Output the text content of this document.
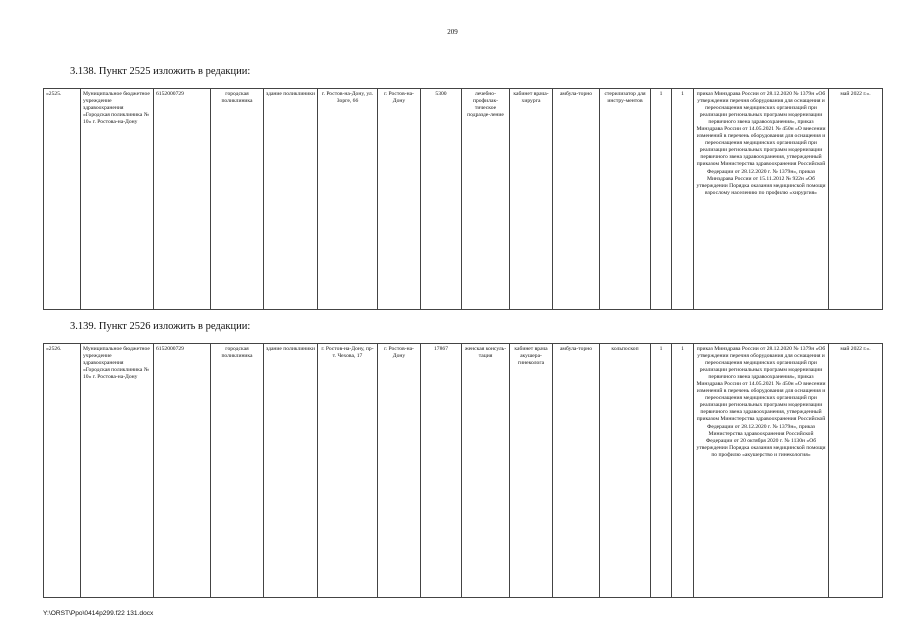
209
3.138. Пункт 2525 изложить в редакции:
«2525.	Муниципальное бюджетное учреждение здравоохранения «Городская поликлиника № 10» г. Ростова-на-Дону	6152000729	городская поликлиника	здание поликлиники	г. Ростов-на-Дону, ул. Зорге, 66	г. Ростов-на-Дону	5300	лечебно-профилак-тическое подразде-ление	кабинет врача-хирурга	амбула-торно	стерилизатор для инстру-ментов	1	1	приказ Минздрава России от 28.12.2020 № 1379н «Об утверждении перечня оборудования для оснащения и переоснащения медицинских организаций при реализации региональных программ модернизации первичного звена здравоохранения», приказ Минздрава России от 14.05.2021 № 450н «О внесении изменений в перечень оборудования для оснащения и переоснащения медицинских организаций при реализации региональных программ модернизации первичного звена здравоохранения, утвержденный приказом Министерства здравоохранения Российской Федерации от 28.12.2020 г. № 1379н», приказ Минздрава России от 15.11.2012 № 922н «Об утверждении Порядка оказания медицинской помощи взрослому населению по профилю «хирургия»	май 2022 г.».
3.139. Пункт 2526 изложить в редакции:
«2526.	Муниципальное бюджетное учреждение здравоохранения «Городская поликлиника № 10» г. Ростова-на-Дону	6152000729	городская поликлиника	здание поликлиники	г. Ростов-на-Дону, пр-т. Чехова, 17	г. Ростов-на-Дону	17867	женская консуль-тация	кабинет врача акушера-гинеколога	амбула-торно	кольпоскоп	1	1	приказ Минздрава России от 28.12.2020 № 1379н «Об утверждении перечня оборудования для оснащения и переоснащения медицинских организаций при реализации региональных программ модернизации первичного звена здравоохранения», приказ Минздрава России от 14.05.2021 № 450н «О внесении изменений в перечень оборудования для оснащения и переоснащения медицинских организаций при реализации региональных программ модернизации первичного звена здравоохранения, утвержденный приказом Министерства здравоохранения Российской Федерации от 28.12.2020 г. № 1379н», приказ Министерства здравоохранения Российской Федерации от 20 октября 2020 г. № 1130н «Об утверждении Порядка оказания медицинской помощи по профилю «акушерство и гинекология»	май 2022 г.».
Y:\ORST\Ppo\0414p299.f22 131.docx
